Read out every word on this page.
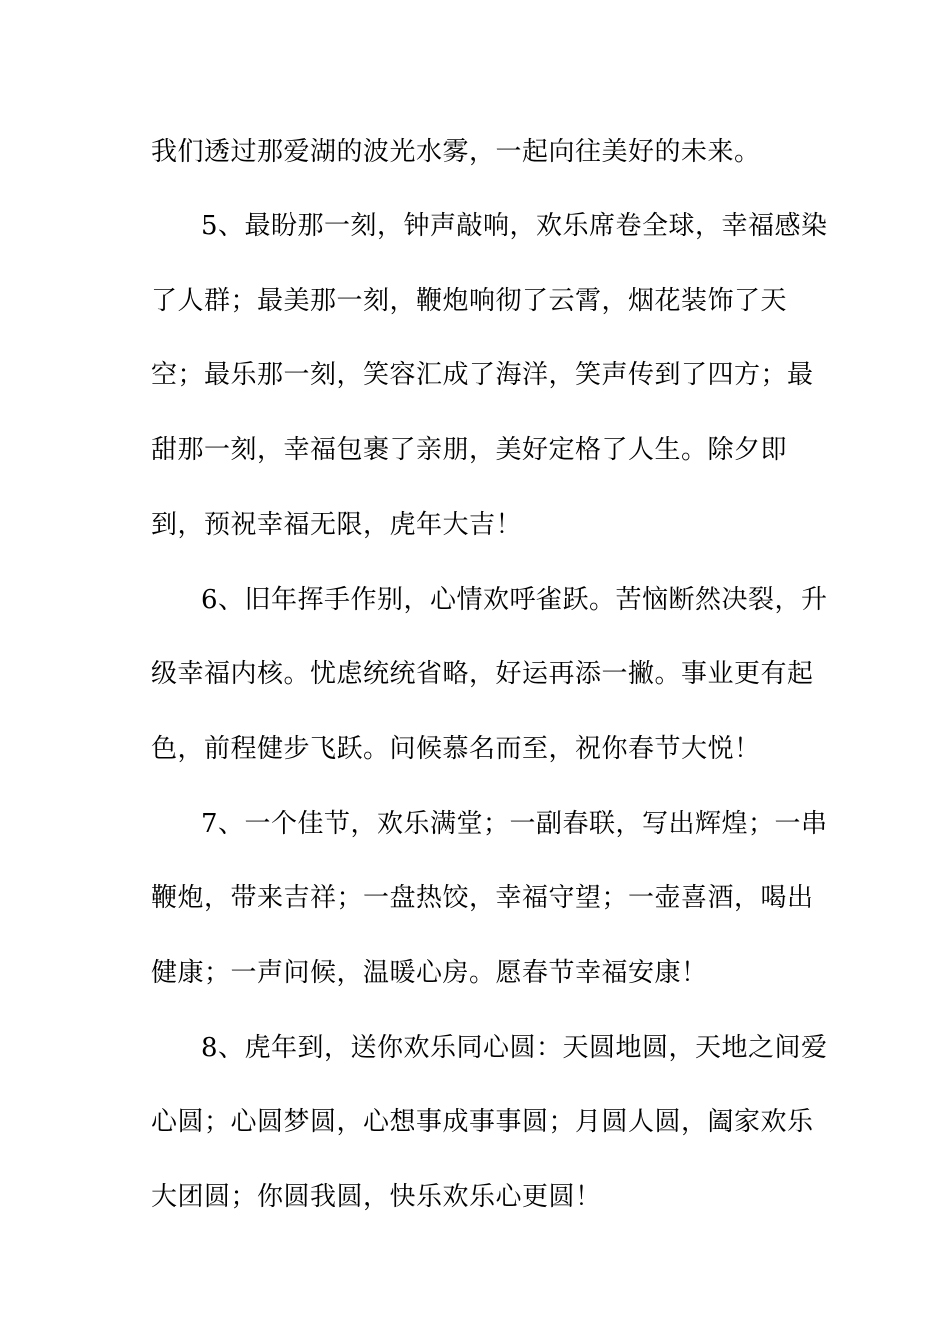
我们透过那爱湖的波光水雾，一起向往美好的未来。
5、最盼那一刻，钟声敲响，欢乐席卷全球，幸福感染
了人群；最美那一刻，鞭炮响彻了云霄，烟花装饰了天
空；最乐那一刻，笑容汇成了海洋，笑声传到了四方；最
甜那一刻，幸福包裹了亲朋，美好定格了人生。除夕即
到，预祝幸福无限，虎年大吉！
6、旧年挥手作别，心情欢呼雀跃。苦恼断然决裂，升
级幸福内核。忧虑统统省略，好运再添一撇。事业更有起
色，前程健步飞跃。问候慕名而至，祝你春节大悦！
7、一个佳节，欢乐满堂；一副春联，写出辉煌；一串
鞭炮，带来吉祥；一盘热饺，幸福守望；一壶喜酒，喝出
健康；一声问候，温暖心房。愿春节幸福安康！
8、虎年到，送你欢乐同心圆：天圆地圆，天地之间爱
心圆；心圆梦圆，心想事成事事圆；月圆人圆，阖家欢乐
大团圆；你圆我圆，快乐欢乐心更圆！
